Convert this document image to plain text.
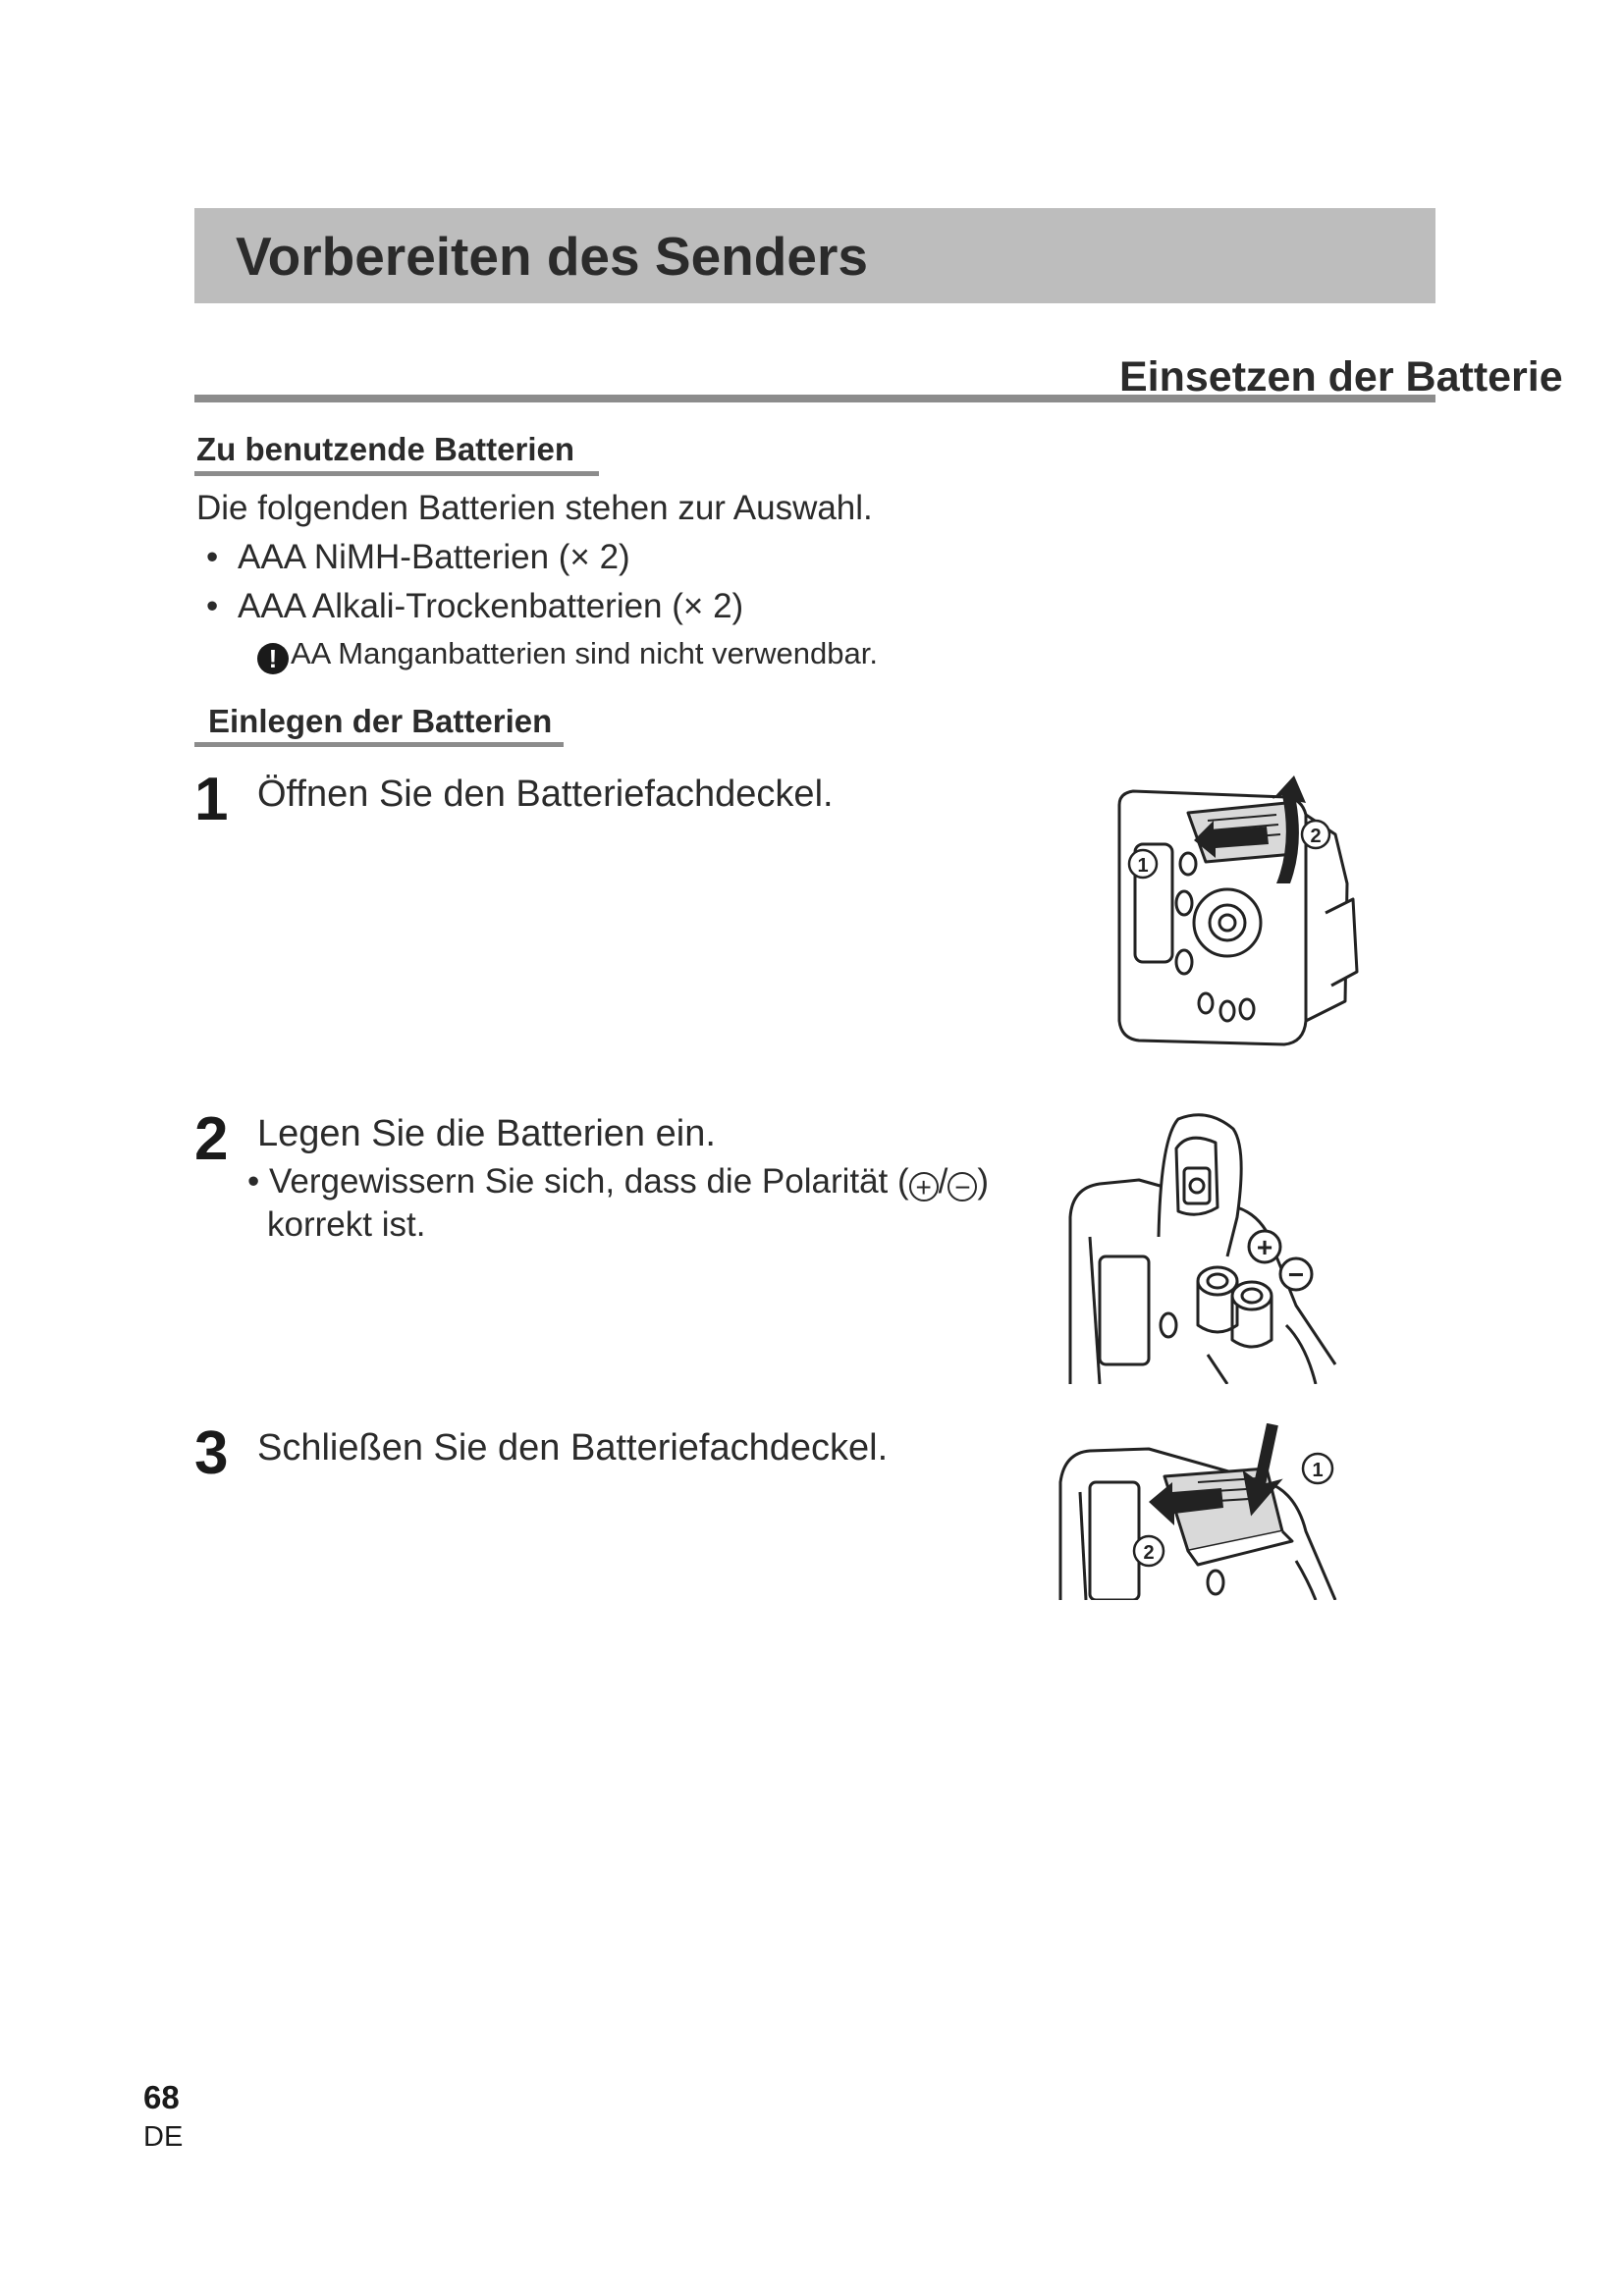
Vorbereiten des Senders
Einsetzen der Batterie
Zu benutzende Batterien
Die folgenden Batterien stehen zur Auswahl.
• AAA NiMH-Batterien (× 2)
• AAA Alkali-Trockenbatterien (× 2)
! AA Manganbatterien sind nicht verwendbar.
Einlegen der Batterien
1 Öffnen Sie den Batteriefachdeckel.
2 Legen Sie die Batterien ein.
• Vergewissern Sie sich, dass die Polarität ( + / − )
korrekt ist.
3 Schließen Sie den Batteriefachdeckel.
1
2
+
−
1
2
68
DE
